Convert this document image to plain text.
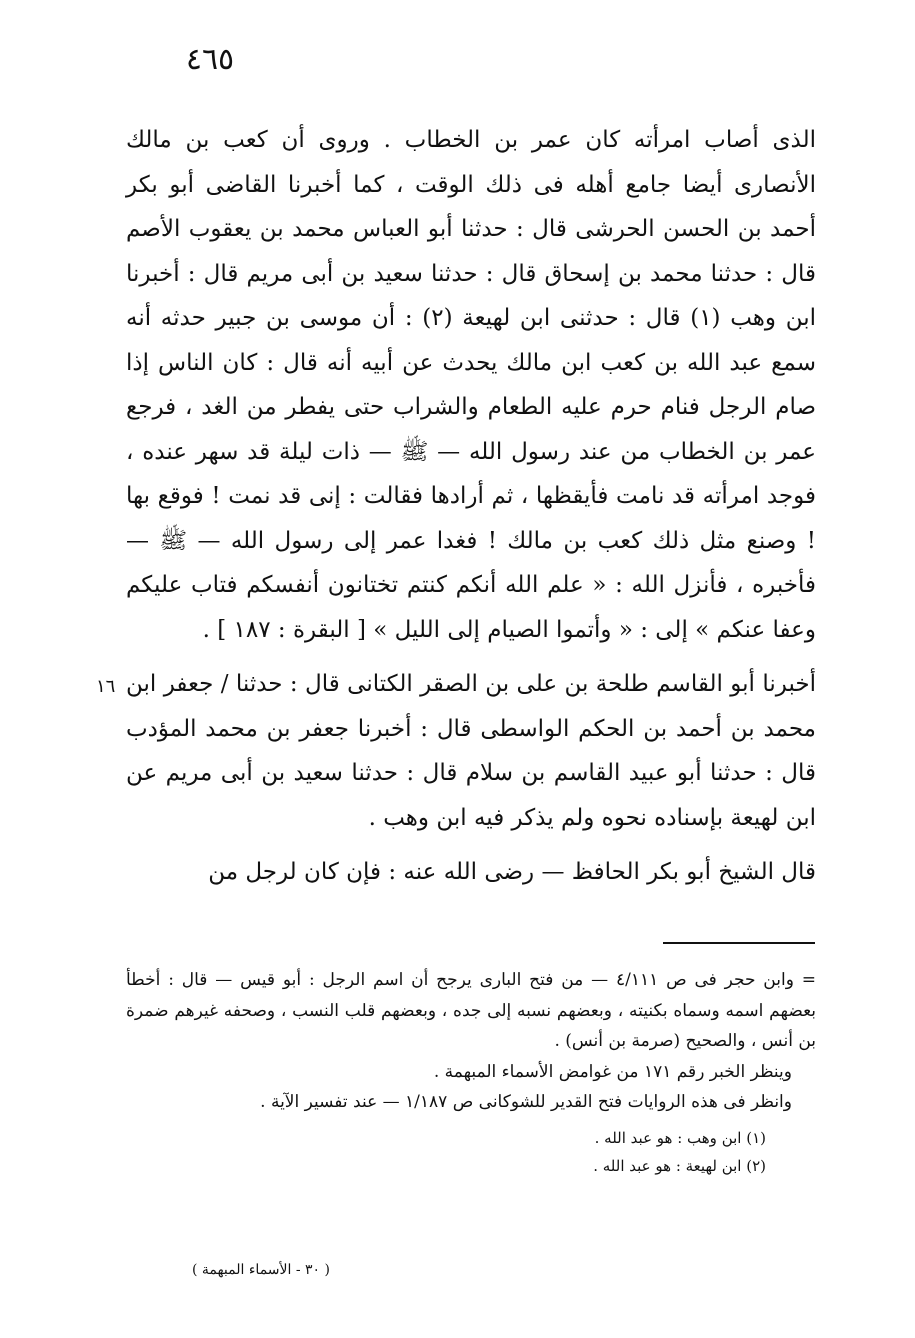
٤٦٥

الذى أصاب امرأته كان عمر بن الخطاب . وروى أن كعب بن مالك الأنصارى أيضا جامع أهله فى ذلك الوقت ، كما أخبرنا القاضى أبو بكر أحمد بن الحسن الحرشى قال : حدثنا أبو العباس محمد بن يعقوب الأصم قال : حدثنا محمد بن إسحاق قال : حدثنا سعيد بن أبى مريم قال : أخبرنا ابن وهب (١) قال : حدثنى ابن لهيعة (٢) : أن موسى بن جبير حدثه أنه سمع عبد الله بن كعب ابن مالك يحدث عن أبيه أنه قال : كان الناس إذا صام الرجل فنام حرم عليه الطعام والشراب حتى يفطر من الغد ، فرجع عمر بن الخطاب من عند رسول الله — ﷺ — ذات ليلة قد سهر عنده ، فوجد امرأته قد نامت فأيقظها ، ثم أرادها فقالت : إنى قد نمت ! فوقع بها ! وصنع مثل ذلك كعب بن مالك ! فغدا عمر إلى رسول الله — ﷺ — فأخبره ، فأنزل الله : « علم الله أنكم كنتم تختانون أنفسكم فتاب عليكم وعفا عنكم » إلى : « وأتموا الصيام إلى الليل » [ البقرة : ١٨٧ ] .

أخبرنا أبو القاسم طلحة بن على بن الصقر الكتانى قال : حدثنا / جعفر ابن محمد بن أحمد بن الحكم الواسطى قال : أخبرنا جعفر بن محمد المؤدب قال : حدثنا أبو عبيد القاسم بن سلام قال : حدثنا سعيد بن أبى مريم عن ابن لهيعة بإسناده نحوه ولم يذكر فيه ابن وهب .

قال الشيخ أبو بكر الحافظ — رضى الله عنه : فإن كان لرجل من

١٦

= وابن حجر فى ص ٤/١١١ — من فتح البارى يرجح أن اسم الرجل : أبو قيس — قال : أخطأ بعضهم اسمه وسماه بكنيته ، وبعضهم نسبه إلى جده ، وبعضهم قلب النسب ، وصحفه غيرهم ضمرة بن أنس ، والصحيح (صرمة بن أنس) .

وينظر الخبر رقم ١٧١ من غوامض الأسماء المبهمة .

وانظر فى هذه الروايات فتح القدير للشوكانى ص ١/١٨٧ — عند تفسير الآية .

(١) ابن وهب : هو عبد الله .

(٢) ابن لهيعة : هو عبد الله .

( ٣٠ - الأسماء المبهمة )
